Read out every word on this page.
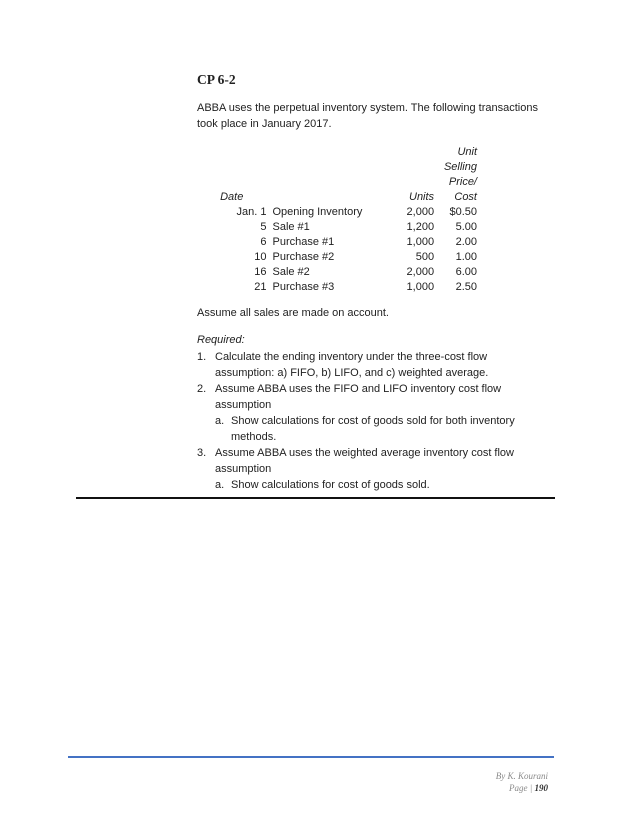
CP 6-2

ABBA uses the perpetual inventory system. The following transactions took place in January 2017.

			Unit
			Selling
			Price/
Date		Units	Cost
Jan. 1	Opening Inventory	2,000	$0.50
5	Sale #1	1,200	5.00
6	Purchase #1	1,000	2.00
10	Purchase #2	500	1.00
16	Sale #2	2,000	6.00
21	Purchase #3	1,000	2.50

Assume all sales are made on account.

Required:

1. Calculate the ending inventory under the three-cost flow assumption: a) FIFO, b) LIFO, and c) weighted average.
2. Assume ABBA uses the FIFO and LIFO inventory cost flow assumption
a. Show calculations for cost of goods sold for both inventory methods.
3. Assume ABBA uses the weighted average inventory cost flow assumption
a. Show calculations for cost of goods sold.

By K. Kourani

Page | 190
